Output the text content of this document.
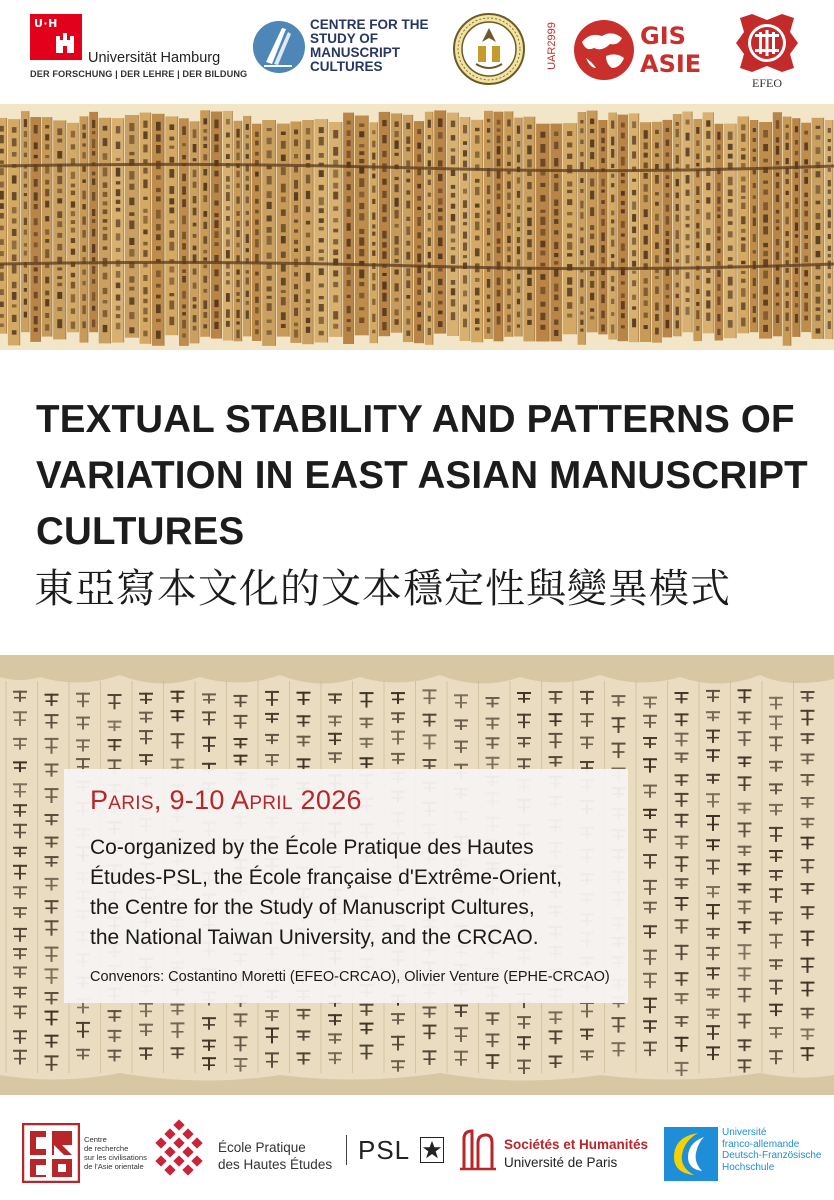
U·H
Universität Hamburg
DER FORSCHUNG | DER LEHRE | DER BILDUNG
CENTRE FOR THE
STUDY OF
MANUSCRIPT
CULTURES	UAR2999	GIS
ASIE
EFEO
TEXTUAL STABILITY AND PATTERNS OF VARIATION IN EAST ASIAN MANUSCRIPT CULTURES
東亞寫本文化的文本穩定性與變異模式
Paris, 9-10 April 2026
Co-organized by the École Pratique des Hautes
Études-PSL, the École française d'Extrême-Orient,
the Centre for the Study of Manuscript Cultures,
the National Taiwan University, and the CRCAO.
Convenors: Costantino Moretti (EFEO-CRCAO), Olivier Venture (EPHE-CRCAO)
Centre
de recherche
sur les civilisations
de l'Asie orientale
École Pratique
des Hautes Études PSL	Sociétés et Humanités
Université de Paris
Université
franco-allemande
Deutsch-Französische
Hochschule
